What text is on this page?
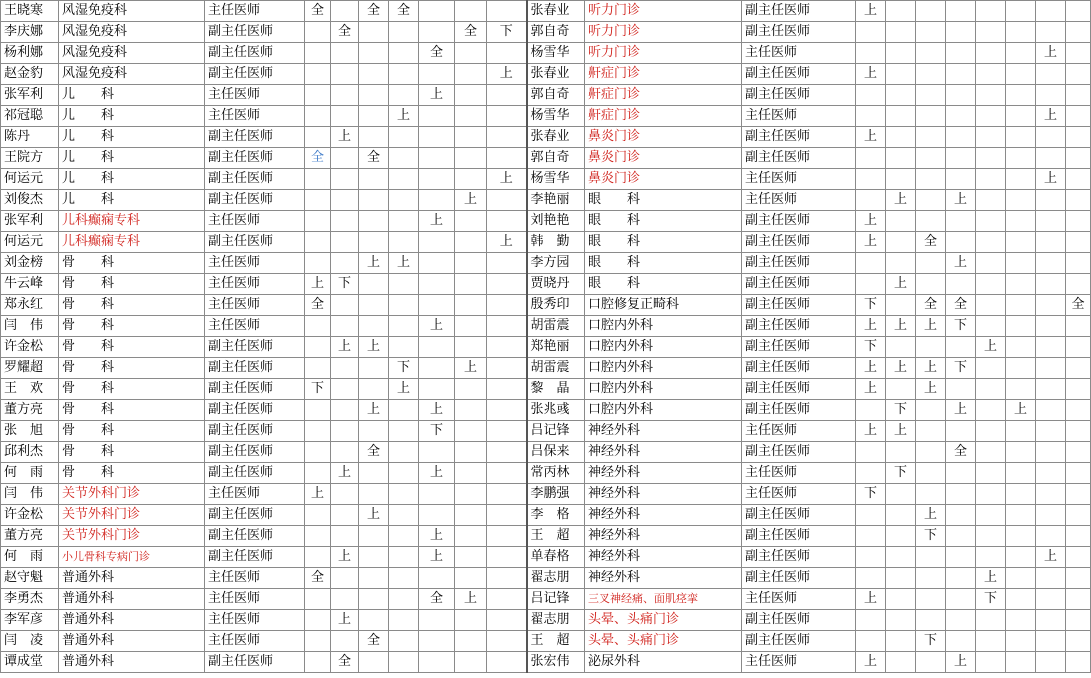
王晓寒	风湿免疫科	主任医师	全		全	全				张春业	听力门诊	副主任医师	上							
李庆娜	风湿免疫科	副主任医师		全				全	下	郭自奇	听力门诊	副主任医师								
杨利娜	风湿免疫科	副主任医师					全			杨雪华	听力门诊	主任医师							上	
赵金豹	风湿免疫科	副主任医师							上	张春业	鼾症门诊	副主任医师	上							
张军利	儿　　科	主任医师					上			郭自奇	鼾症门诊	副主任医师								
祁冠聪	儿　　科	主任医师				上				杨雪华	鼾症门诊	主任医师							上	
陈丹	儿　　科	副主任医师		上						张春业	鼻炎门诊	副主任医师	上							
王院方	儿　　科	副主任医师	全		全					郭自奇	鼻炎门诊	副主任医师								
何运元	儿　　科	副主任医师							上	杨雪华	鼻炎门诊	主任医师							上	
刘俊杰	儿　　科	副主任医师						上		李艳丽	眼　　科	主任医师		上		上				
张军利	儿科癫痫专科	主任医师					上			刘艳艳	眼　　科	副主任医师	上							
何运元	儿科癫痫专科	副主任医师							上	韩　勤	眼　　科	副主任医师	上		全					
刘金榜	骨　　科	主任医师			上	上				李方园	眼　　科	副主任医师				上				
牛云峰	骨　　科	主任医师	上	下						贾晓丹	眼　　科	副主任医师		上						
郑永红	骨　　科	主任医师	全							殷秀印	口腔修复正畸科	副主任医师	下		全	全				全
闫　伟	骨　　科	主任医师					上			胡雷震	口腔内外科	副主任医师	上	上	上	下				
许金松	骨　　科	副主任医师		上	上					郑艳丽	口腔内外科	副主任医师	下				上			
罗耀超	骨　　科	副主任医师				下		上		胡雷震	口腔内外科	副主任医师	上	上	上	下				
王　欢	骨　　科	副主任医师	下			上				黎　晶	口腔内外科	副主任医师	上		上					
董方亮	骨　　科	副主任医师			上		上			张兆彧	口腔内外科	副主任医师		下		上		上		
张　旭	骨　　科	副主任医师					下			吕记锋	神经外科	主任医师	上	上						
邱利杰	骨　　科	副主任医师			全					吕保来	神经外科	副主任医师				全				
何　雨	骨　　科	副主任医师		上			上			常丙林	神经外科	主任医师		下						
闫　伟	关节外科门诊	主任医师	上							李鹏强	神经外科	主任医师	下							
许金松	关节外科门诊	副主任医师			上					李　格	神经外科	副主任医师			上					
董方亮	关节外科门诊	副主任医师					上			王　超	神经外科	副主任医师			下					
何　雨	小儿骨科专病门诊	副主任医师		上			上			单春格	神经外科	副主任医师							上	
赵守魁	普通外科	主任医师	全							翟志朋	神经外科	副主任医师					上			
李勇杰	普通外科	主任医师					全	上		吕记锋	三叉神经痛、面肌痉挛	主任医师	上				下			
李军彦	普通外科	主任医师		上						翟志朋	头晕、头痛门诊	副主任医师								
闫　凌	普通外科	主任医师			全					王　超	头晕、头痛门诊	副主任医师			下					
谭成堂	普通外科	副主任医师		全						张宏伟	泌尿外科	主任医师	上			上				
